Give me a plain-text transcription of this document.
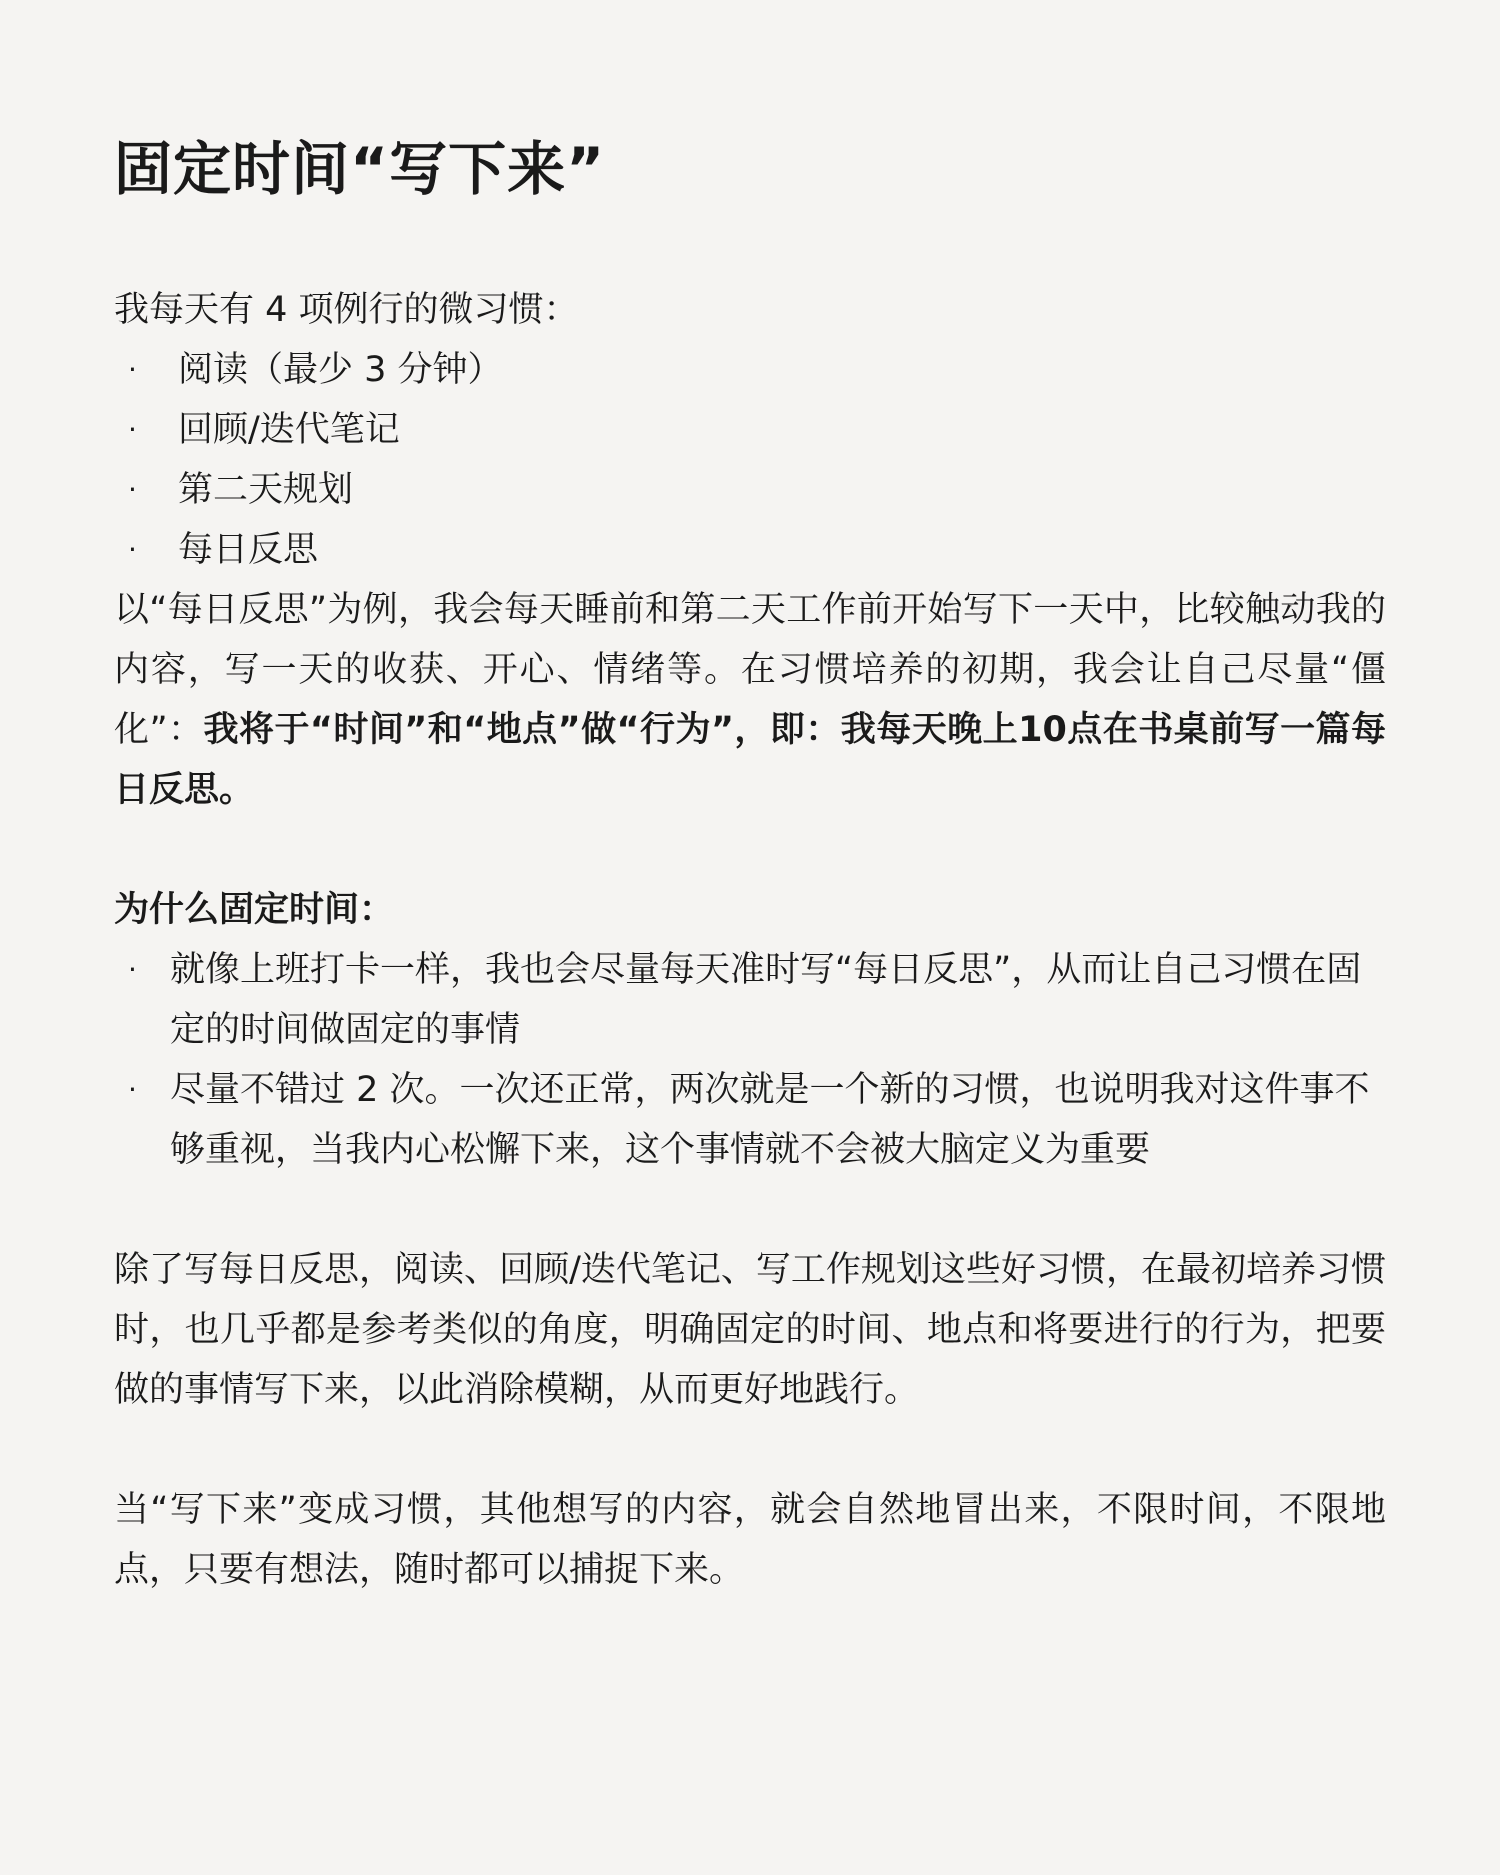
固定时间“写下来”

我每天有 4 项例行的微习惯：

· 阅读（最少 3 分钟）
· 回顾/迭代笔记
· 第二天规划
· 每日反思

以“每日反思”为例，我会每天睡前和第二天工作前开始写下一天中，比较触动我的内容，写一天的收获、开心、情绪等。在习惯培养的初期，我会让自己尽量“僵化”：我将于“时间”和“地点”做“行为”，即：我每天晚上10点在书桌前写一篇每日反思。

为什么固定时间：

· 就像上班打卡一样，我也会尽量每天准时写“每日反思”，从而让自己习惯在固定的时间做固定的事情
· 尽量不错过 2 次。一次还正常，两次就是一个新的习惯，也说明我对这件事不够重视，当我内心松懈下来，这个事情就不会被大脑定义为重要

除了写每日反思，阅读、回顾/迭代笔记、写工作规划这些好习惯，在最初培养习惯时，也几乎都是参考类似的角度，明确固定的时间、地点和将要进行的行为，把要做的事情写下来，以此消除模糊，从而更好地践行。

当“写下来”变成习惯，其他想写的内容，就会自然地冒出来，不限时间，不限地点，只要有想法，随时都可以捕捉下来。
